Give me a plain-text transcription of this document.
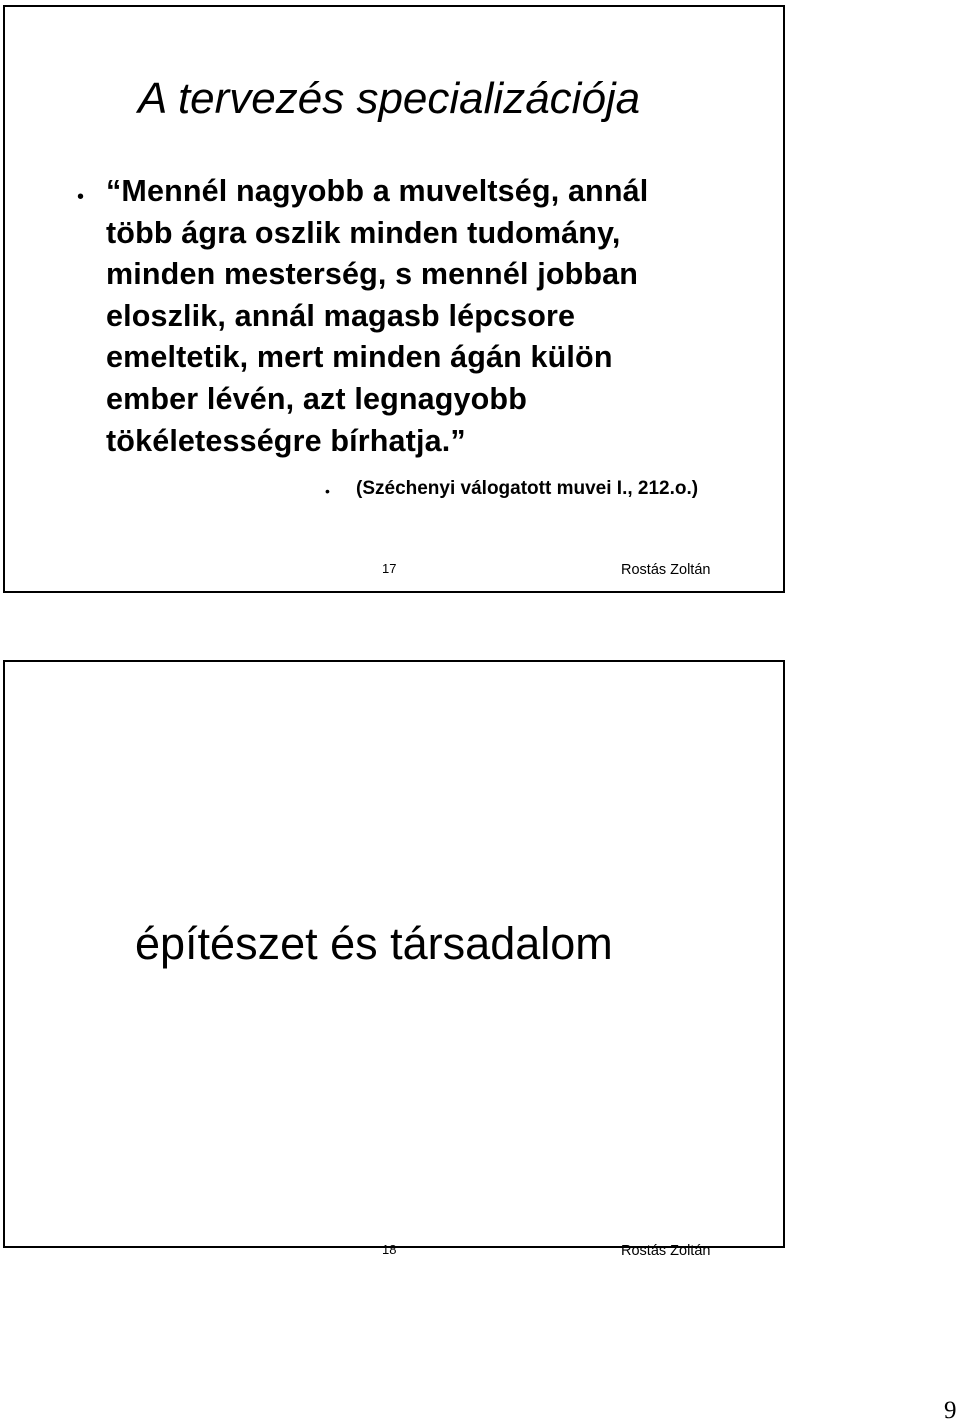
A tervezés specializációja
• “Mennél nagyobb a muveltség, annál
több ágra oszlik minden tudomány,
minden mesterség, s mennél jobban
eloszlik, annál magasb lépcsore
emeltetik, mert minden ágán külön
ember lévén, azt legnagyobb
tökéletességre bírhatja.”

• (Széchenyi válogatott muvei I., 212.o.)
17	Rostás Zoltán
építészet és társadalom
18	Rostás Zoltán
9
